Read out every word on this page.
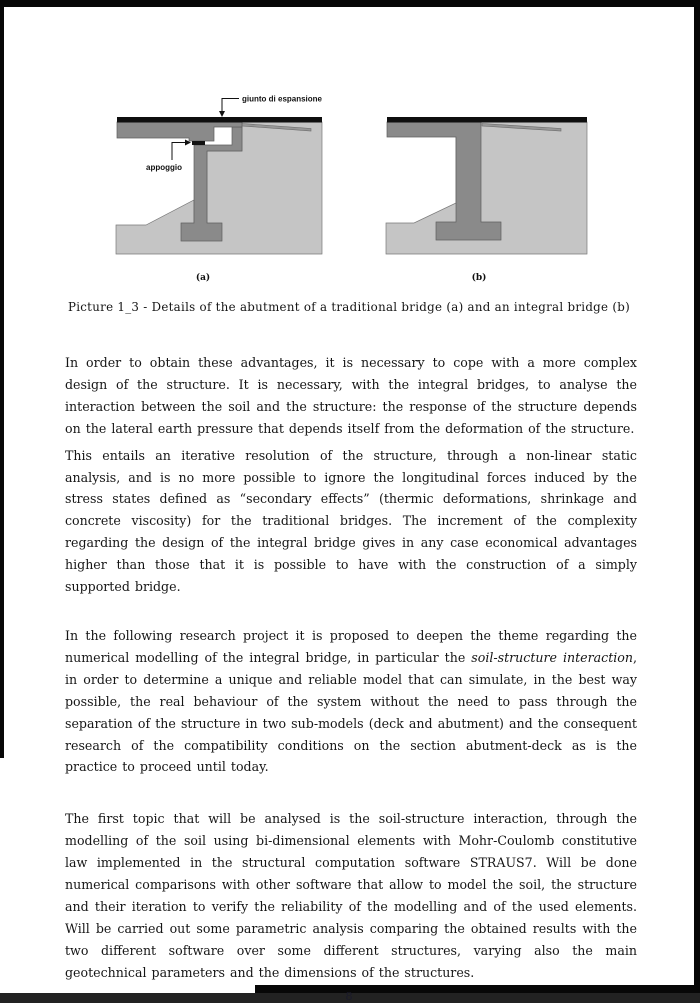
giunto di espansione
appoggio
(a)	(b)
Picture 1_3 - Details of the abutment of a traditional bridge (a) and an integral bridge (b)

In order to obtain these advantages, it is necessary to cope with a more complex design of the structure. It is necessary, with the integral bridges, to analyse the interaction between the soil and the structure: the response of the structure depends on the lateral earth pressure that depends itself from the deformation of the structure.

This entails an iterative resolution of the structure, through a non-linear static analysis, and is no more possible to ignore the longitudinal forces induced by the stress states defined as “secondary effects” (thermic deformations, shrinkage and concrete viscosity) for the traditional bridges. The increment of the complexity regarding the design of the integral bridge gives in any case economical advantages higher than those that it is possible to have with the construction of a simply supported bridge.

In the following research project it is proposed to deepen the theme regarding the numerical modelling of the integral bridge, in particular the soil-structure interaction, in order to determine a unique and reliable model that can simulate, in the best way possible, the real behaviour of the system without the need to pass through the separation of the structure in two sub-models (deck and abutment) and the consequent research of the compatibility conditions on the section abutment-deck as is the practice to proceed until today.

The first topic that will be analysed is the soil-structure interaction, through the modelling of the soil using bi-dimensional elements with Mohr-Coulomb constitutive law implemented in the structural computation software STRAUS7. Will be done numerical comparisons with other software that allow to model the soil, the structure and their iteration to verify the reliability of the modelling and of the used elements. Will be carried out some parametric analysis comparing the obtained results with the two different software over some different structures, varying also the main geotechnical parameters and the dimensions of the structures.

8
